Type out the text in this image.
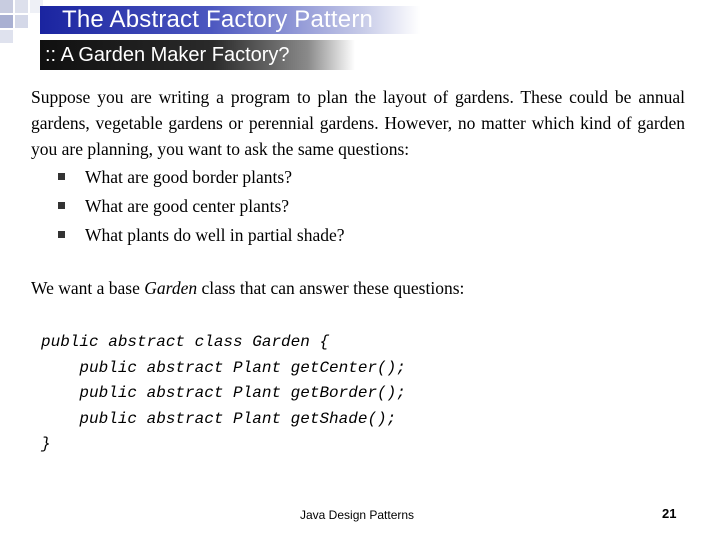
The Abstract Factory Pattern
:: A Garden Maker Factory?

Suppose you are writing a program to plan the layout of gardens. These could be annual gardens, vegetable gardens or perennial gardens. However, no matter which kind of garden you are planning, you want to ask the same questions:

What are good border plants?
What are good center plants?
What plants do well in partial shade?
We want a base Garden class that can answer these questions:
public abstract class Garden {
public abstract Plant getCenter();
public abstract Plant getBorder();
public abstract Plant getShade();
}
Java Design Patterns	21
